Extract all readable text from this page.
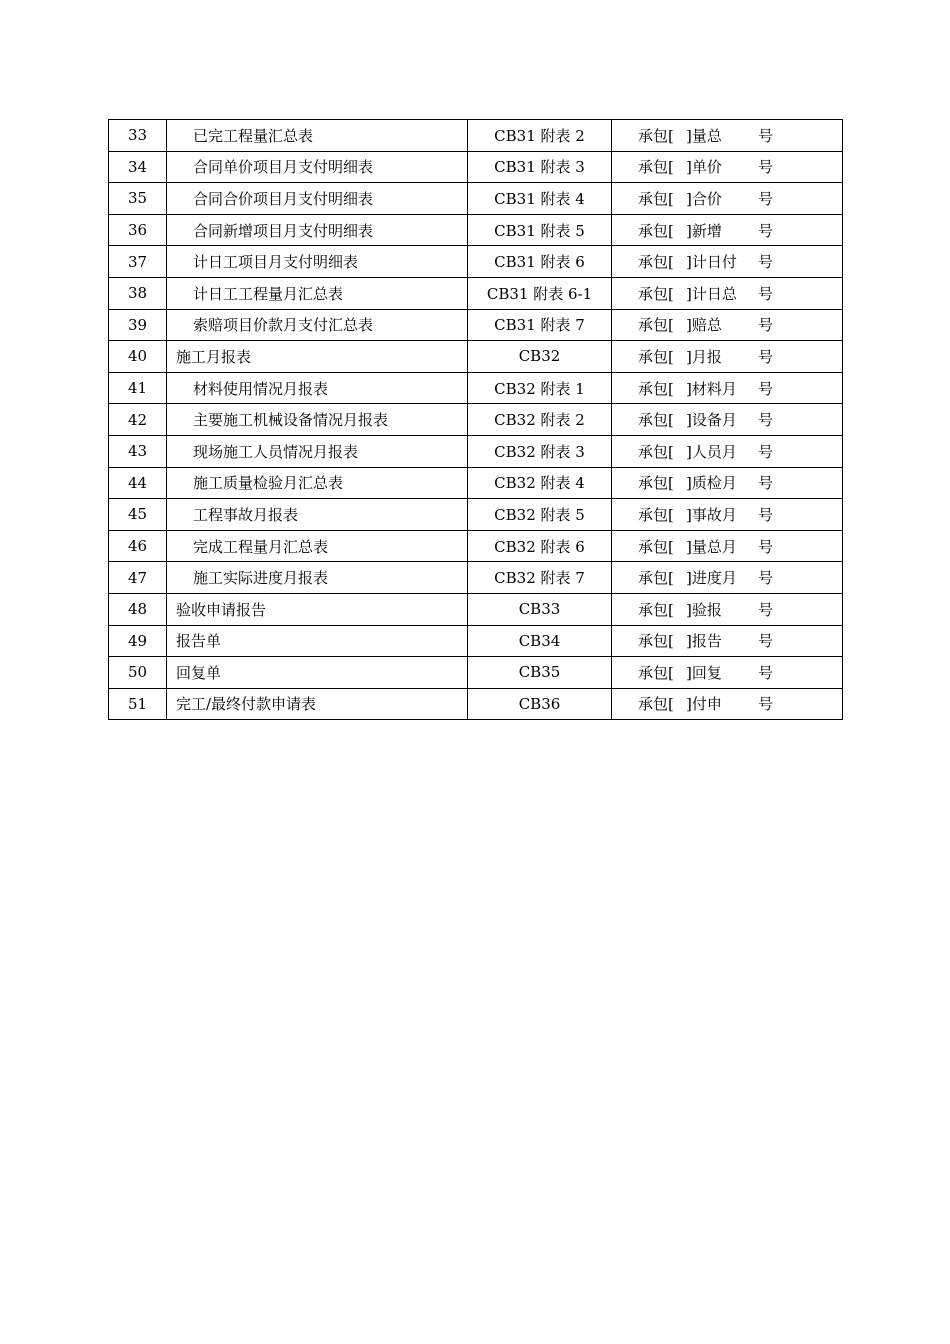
33	已完工程量汇总表	CB31 附表 2	承包[ ]量总 号
34	合同单价项目月支付明细表	CB31 附表 3	承包[ ]单价 号
35	合同合价项目月支付明细表	CB31 附表 4	承包[ ]合价 号
36	合同新增项目月支付明细表	CB31 附表 5	承包[ ]新增 号
37	计日工项目月支付明细表	CB31 附表 6	承包[ ]计日付 号
38	计日工工程量月汇总表	CB31 附表 6-1	承包[ ]计日总 号
39	索赔项目价款月支付汇总表	CB31 附表 7	承包[ ]赔总 号
40	施工月报表	CB32	承包[ ]月报 号
41	材料使用情况月报表	CB32 附表 1	承包[ ]材料月 号
42	主要施工机械设备情况月报表	CB32 附表 2	承包[ ]设备月 号
43	现场施工人员情况月报表	CB32 附表 3	承包[ ]人员月 号
44	施工质量检验月汇总表	CB32 附表 4	承包[ ]质检月 号
45	工程事故月报表	CB32 附表 5	承包[ ]事故月 号
46	完成工程量月汇总表	CB32 附表 6	承包[ ]量总月 号
47	施工实际进度月报表	CB32 附表 7	承包[ ]进度月 号
48	验收申请报告	CB33	承包[ ]验报 号
49	报告单	CB34	承包[ ]报告 号
50	回复单	CB35	承包[ ]回复 号
51	完工/最终付款申请表	CB36	承包[ ]付申 号
